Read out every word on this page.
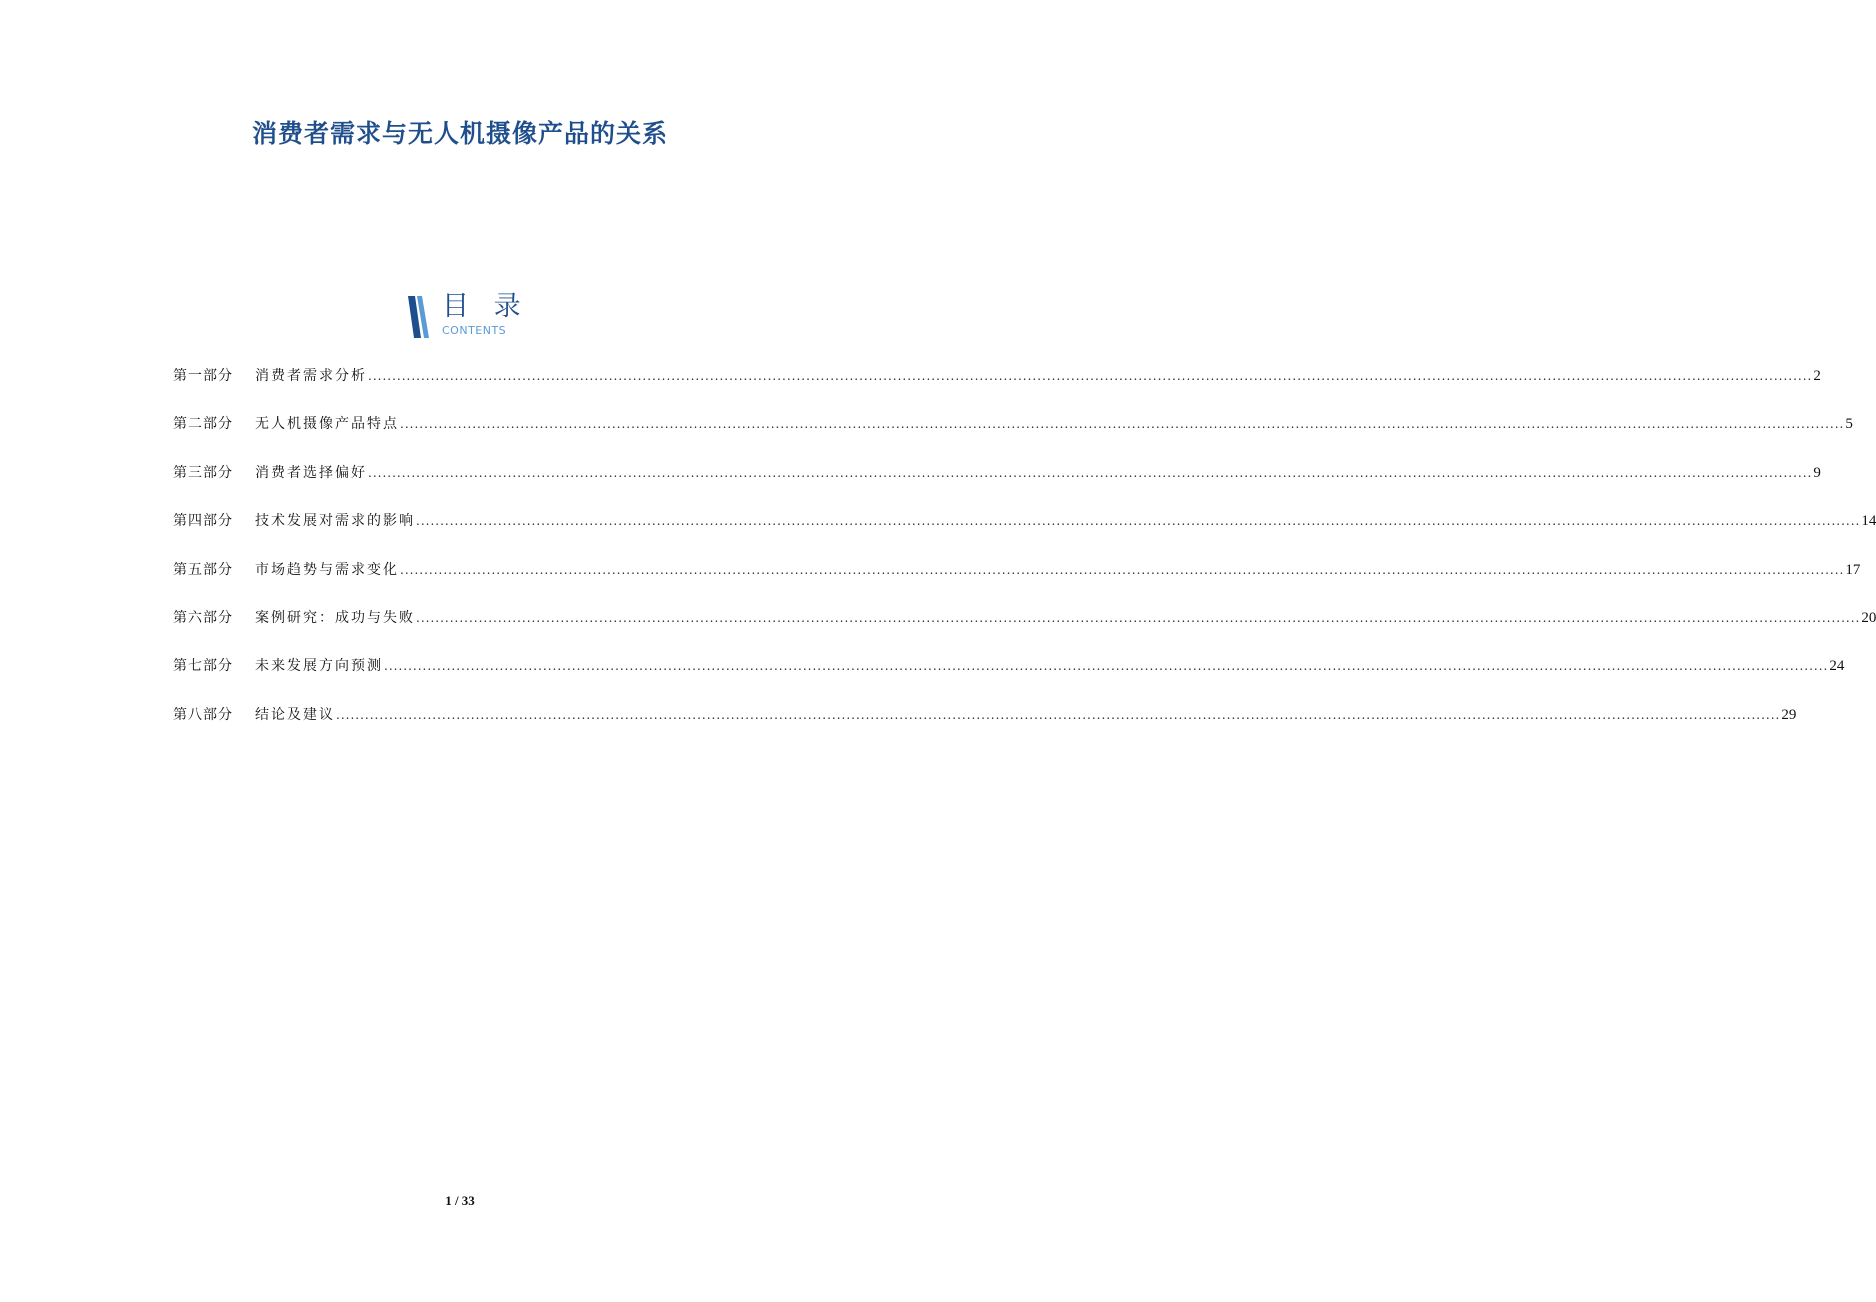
消费者需求与无人机摄像产品的关系
目 录
CONTENTS
第一部分	消费者需求分析 ............................................................................................................................................................................................................................................................................................................ 2
第二部分	无人机摄像产品特点 ............................................................................................................................................................................................................................................................................................................ 5
第三部分	消费者选择偏好 ............................................................................................................................................................................................................................................................................................................ 9
第四部分	技术发展对需求的影响 ............................................................................................................................................................................................................................................................................................................ 14
第五部分	市场趋势与需求变化 ............................................................................................................................................................................................................................................................................................................ 17
第六部分	案例研究：成功与失败 ............................................................................................................................................................................................................................................................................................................ 20
第七部分	未来发展方向预测 ............................................................................................................................................................................................................................................................................................................ 24
第八部分	结论及建议 ............................................................................................................................................................................................................................................................................................................ 29
1 / 33
